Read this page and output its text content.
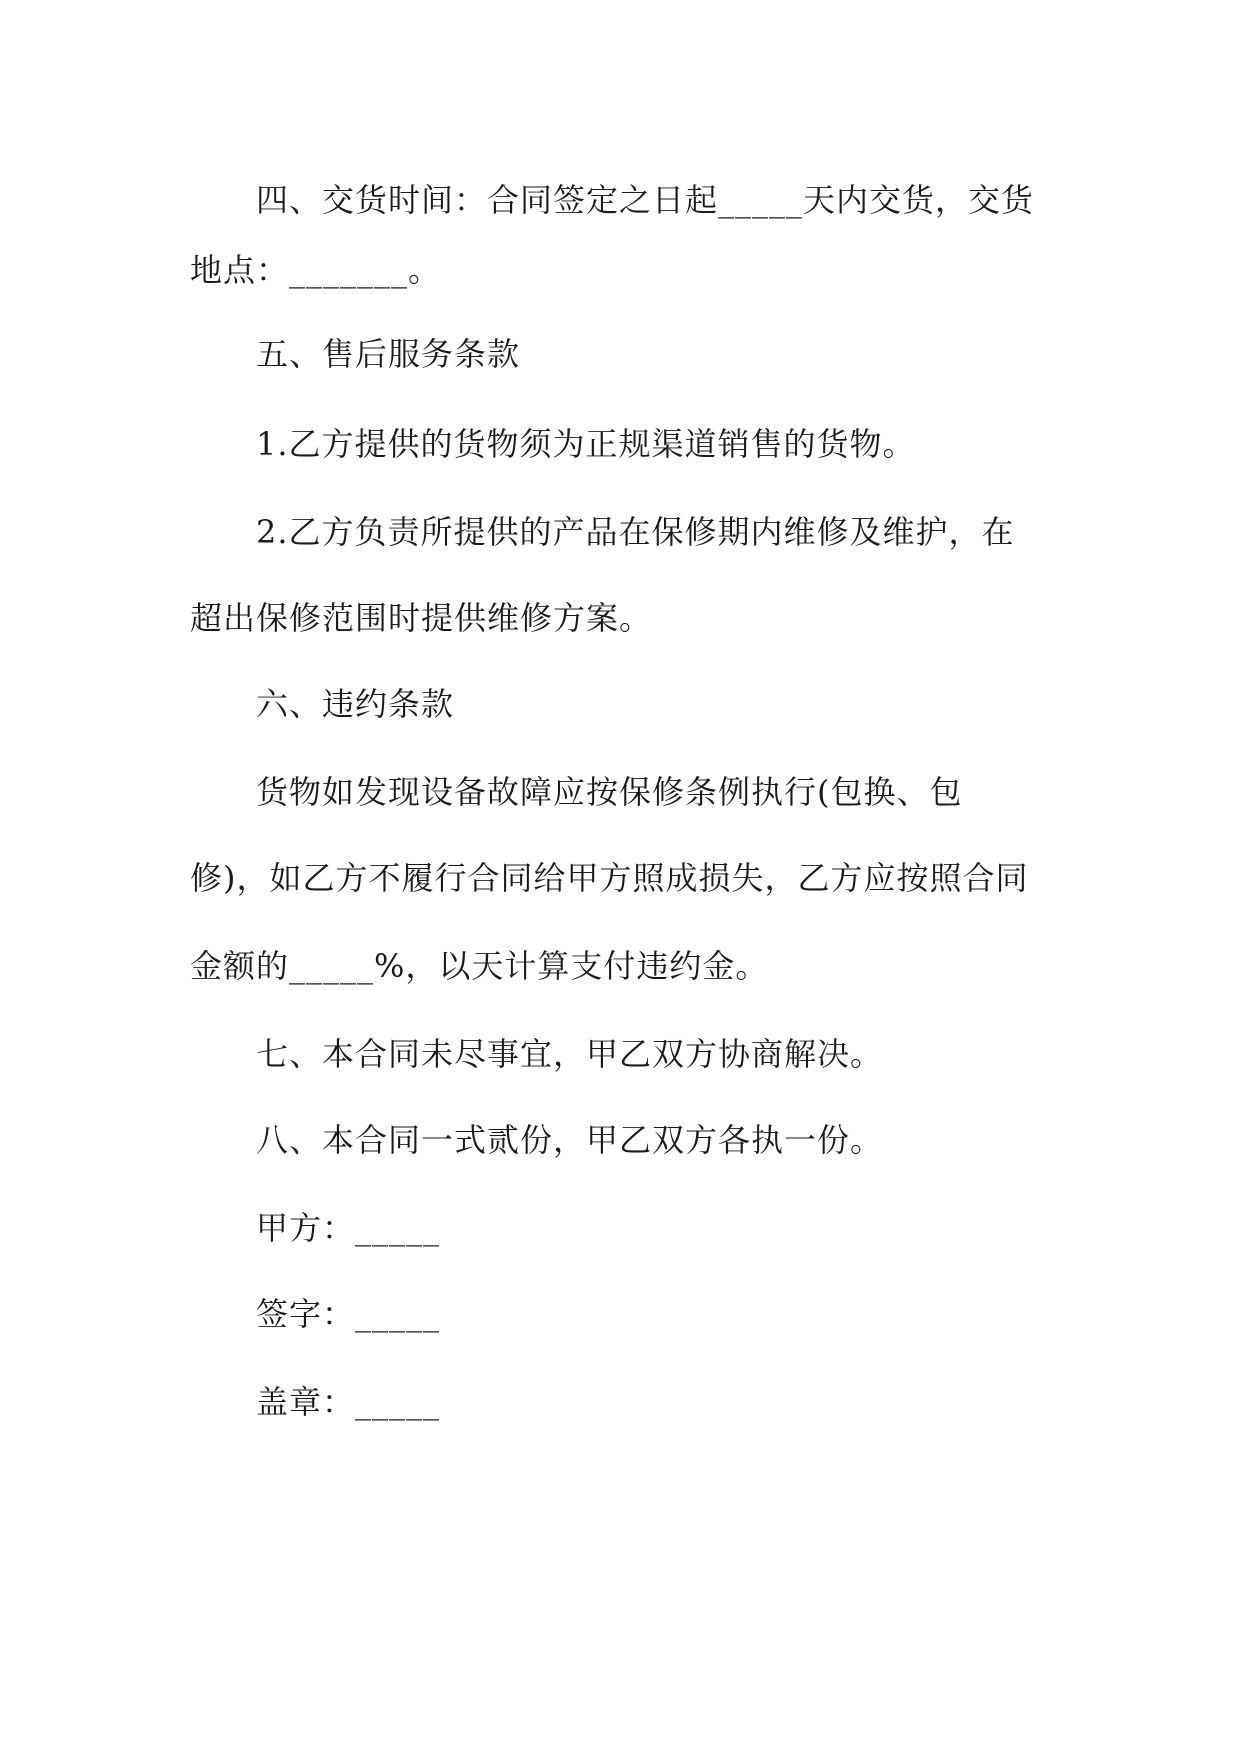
四、交货时间：合同签定之日起_____天内交货，交货
地点：_______。
五、售后服务条款
1.乙方提供的货物须为正规渠道销售的货物。
2.乙方负责所提供的产品在保修期内维修及维护，在
超出保修范围时提供维修方案。
六、违约条款
货物如发现设备故障应按保修条例执行(包换、包
修)，如乙方不履行合同给甲方照成损失，乙方应按照合同
金额的_____%，以天计算支付违约金。
七、本合同未尽事宜，甲乙双方协商解决。
八、本合同一式贰份，甲乙双方各执一份。
甲方：_____
签字：_____
盖章：_____
